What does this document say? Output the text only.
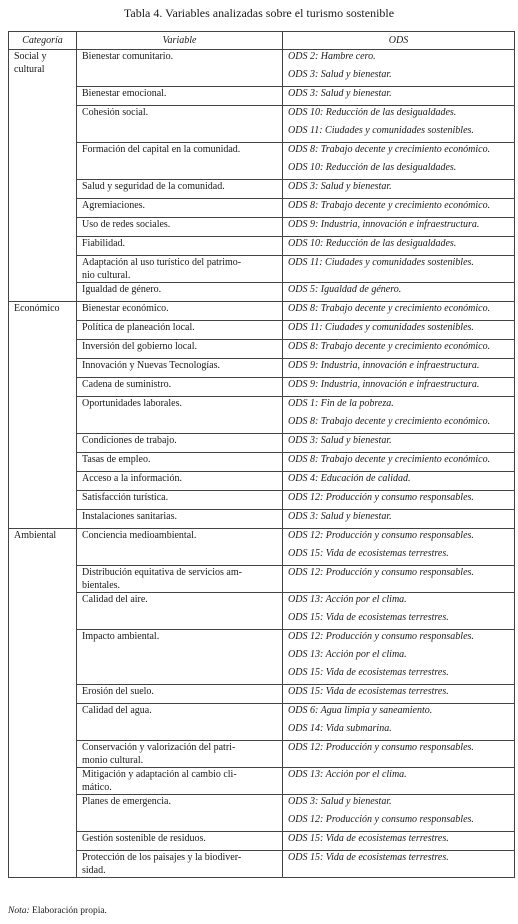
Tabla 4. Variables analizadas sobre el turismo sostenible
Categoría	Variable	ODS

Social y
cultural	Bienestar comunitario.	ODS 2: Hambre cero.
ODS 3: Salud y bienestar.

	Bienestar emocional.	ODS 3: Salud y bienestar.

	Cohesión social.	ODS 10: Reducción de las desigualdades.
ODS 11: Ciudades y comunidades sostenibles.

	Formación del capital en la comunidad.	ODS 8: Trabajo decente y crecimiento económico.
ODS 10: Reducción de las desigualdades.

	Salud y seguridad de la comunidad.	ODS 3: Salud y bienestar.

	Agremiaciones.	ODS 8: Trabajo decente y crecimiento económico.

	Uso de redes sociales.	ODS 9: Industria, innovación e infraestructura.

	Fiabilidad.	ODS 10: Reducción de las desigualdades.

	Adaptación al uso turístico del patrimo-
nio cultural.	ODS 11: Ciudades y comunidades sostenibles.

	Igualdad de género.	ODS 5: Igualdad de género.

Económico	Bienestar económico.	ODS 8: Trabajo decente y crecimiento económico.

	Política de planeación local.	ODS 11: Ciudades y comunidades sostenibles.

	Inversión del gobierno local.	ODS 8: Trabajo decente y crecimiento económico.

	Innovación y Nuevas Tecnologías.	ODS 9: Industria, innovación e infraestructura.

	Cadena de suministro.	ODS 9: Industria, innovación e infraestructura.

	Oportunidades laborales.	ODS 1: Fin de la pobreza.
ODS 8: Trabajo decente y crecimiento económico.

	Condiciones de trabajo.	ODS 3: Salud y bienestar.

	Tasas de empleo.	ODS 8: Trabajo decente y crecimiento económico.

	Acceso a la información.	ODS 4: Educación de calidad.

	Satisfacción turística.	ODS 12: Producción y consumo responsables.

	Instalaciones sanitarias.	ODS 3: Salud y bienestar.

Ambiental	Conciencia medioambiental.	ODS 12: Producción y consumo responsables.
ODS 15: Vida de ecosistemas terrestres.

	Distribución equitativa de servicios am-
bientales.	ODS 12: Producción y consumo responsables.

	Calidad del aire.	ODS 13: Acción por el clima.
ODS 15: Vida de ecosistemas terrestres.

	Impacto ambiental.	ODS 12: Producción y consumo responsables.
ODS 13: Acción por el clima.
ODS 15: Vida de ecosistemas terrestres.

	Erosión del suelo.	ODS 15: Vida de ecosistemas terrestres.

	Calidad del agua.	ODS 6: Agua limpia y saneamiento.
ODS 14: Vida submarina.

	Conservación y valorización del patri-
monio cultural.	ODS 12: Producción y consumo responsables.

	Mitigación y adaptación al cambio cli-
mático.	ODS 13: Acción por el clima.

	Planes de emergencia.	ODS 3: Salud y bienestar.
ODS 12: Producción y consumo responsables.

	Gestión sostenible de residuos.	ODS 15: Vida de ecosistemas terrestres.

	Protección de los paisajes y la biodiver-
sidad.	ODS 15: Vida de ecosistemas terrestres.
Nota: Elaboración propia.
